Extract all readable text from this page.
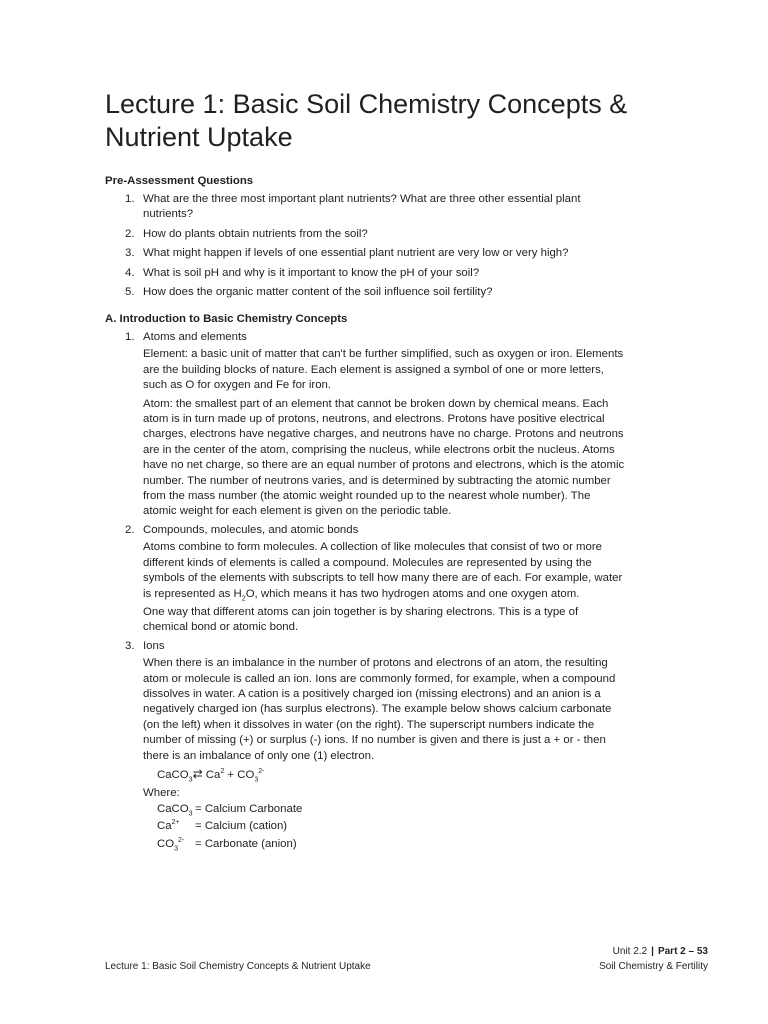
Lecture 1: Basic Soil Chemistry Concepts &
Nutrient Uptake
Pre-Assessment Questions
1. What are the three most important plant nutrients? What are three other essential plant nutrients?
2. How do plants obtain nutrients from the soil?
3. What might happen if levels of one essential plant nutrient are very low or very high?
4. What is soil pH and why is it important to know the pH of your soil?
5. How does the organic matter content of the soil influence soil fertility?
A. Introduction to Basic Chemistry Concepts
1. Atoms and elements

Element: a basic unit of matter that can't be further simplified, such as oxygen or iron. Elements are the building blocks of nature. Each element is assigned a symbol of one or more letters, such as O for oxygen and Fe for iron.

Atom: the smallest part of an element that cannot be broken down by chemical means. Each atom is in turn made up of protons, neutrons, and electrons. Protons have positive electrical charges, electrons have negative charges, and neutrons have no charge. Protons and neutrons are in the center of the atom, comprising the nucleus, while electrons orbit the nucleus. Atoms have no net charge, so there are an equal number of protons and electrons, which is the atomic number. The number of neutrons varies, and is determined by subtracting the atomic number from the mass number (the atomic weight rounded up to the nearest whole number). The atomic weight for each element is given on the periodic table.

2. Compounds, molecules, and atomic bonds

Atoms combine to form molecules. A collection of like molecules that consist of two or more different kinds of elements is called a compound. Molecules are represented by using the symbols of the elements with subscripts to tell how many there are of each. For example, water is represented as $H_2O$, which means it has two hydrogen atoms and one oxygen atom.

One way that different atoms can join together is by sharing electrons. This is a type of chemical bond or atomic bond.

3. Ions

When there is an imbalance in the number of protons and electrons of an atom, the resulting atom or molecule is called an ion. Ions are commonly formed, for example, when a compound dissolves in water. A cation is a positively charged ion (missing electrons) and an anion is a negatively charged ion (has surplus electrons). The example below shows calcium carbonate (on the left) when it dissolves in water (on the right). The superscript numbers indicate the number of missing (+) or surplus (-) ions. If no number is given and there is just a + or - then there is an imbalance of only one (1) electron.

CaCO$_3$⇄ $Ca^2 + CO_3^{2-}$

Where:

CaCO$_3$ = Calcium Carbonate
$Ca^{2+}$	= Calcium (cation)
$CO_3^{2-}$ = Carbonate (anion)
Unit 2.2 | Part 2 – 53
Soil Chemistry & Fertility
Lecture 1: Basic Soil Chemistry Concepts & Nutrient Uptake
